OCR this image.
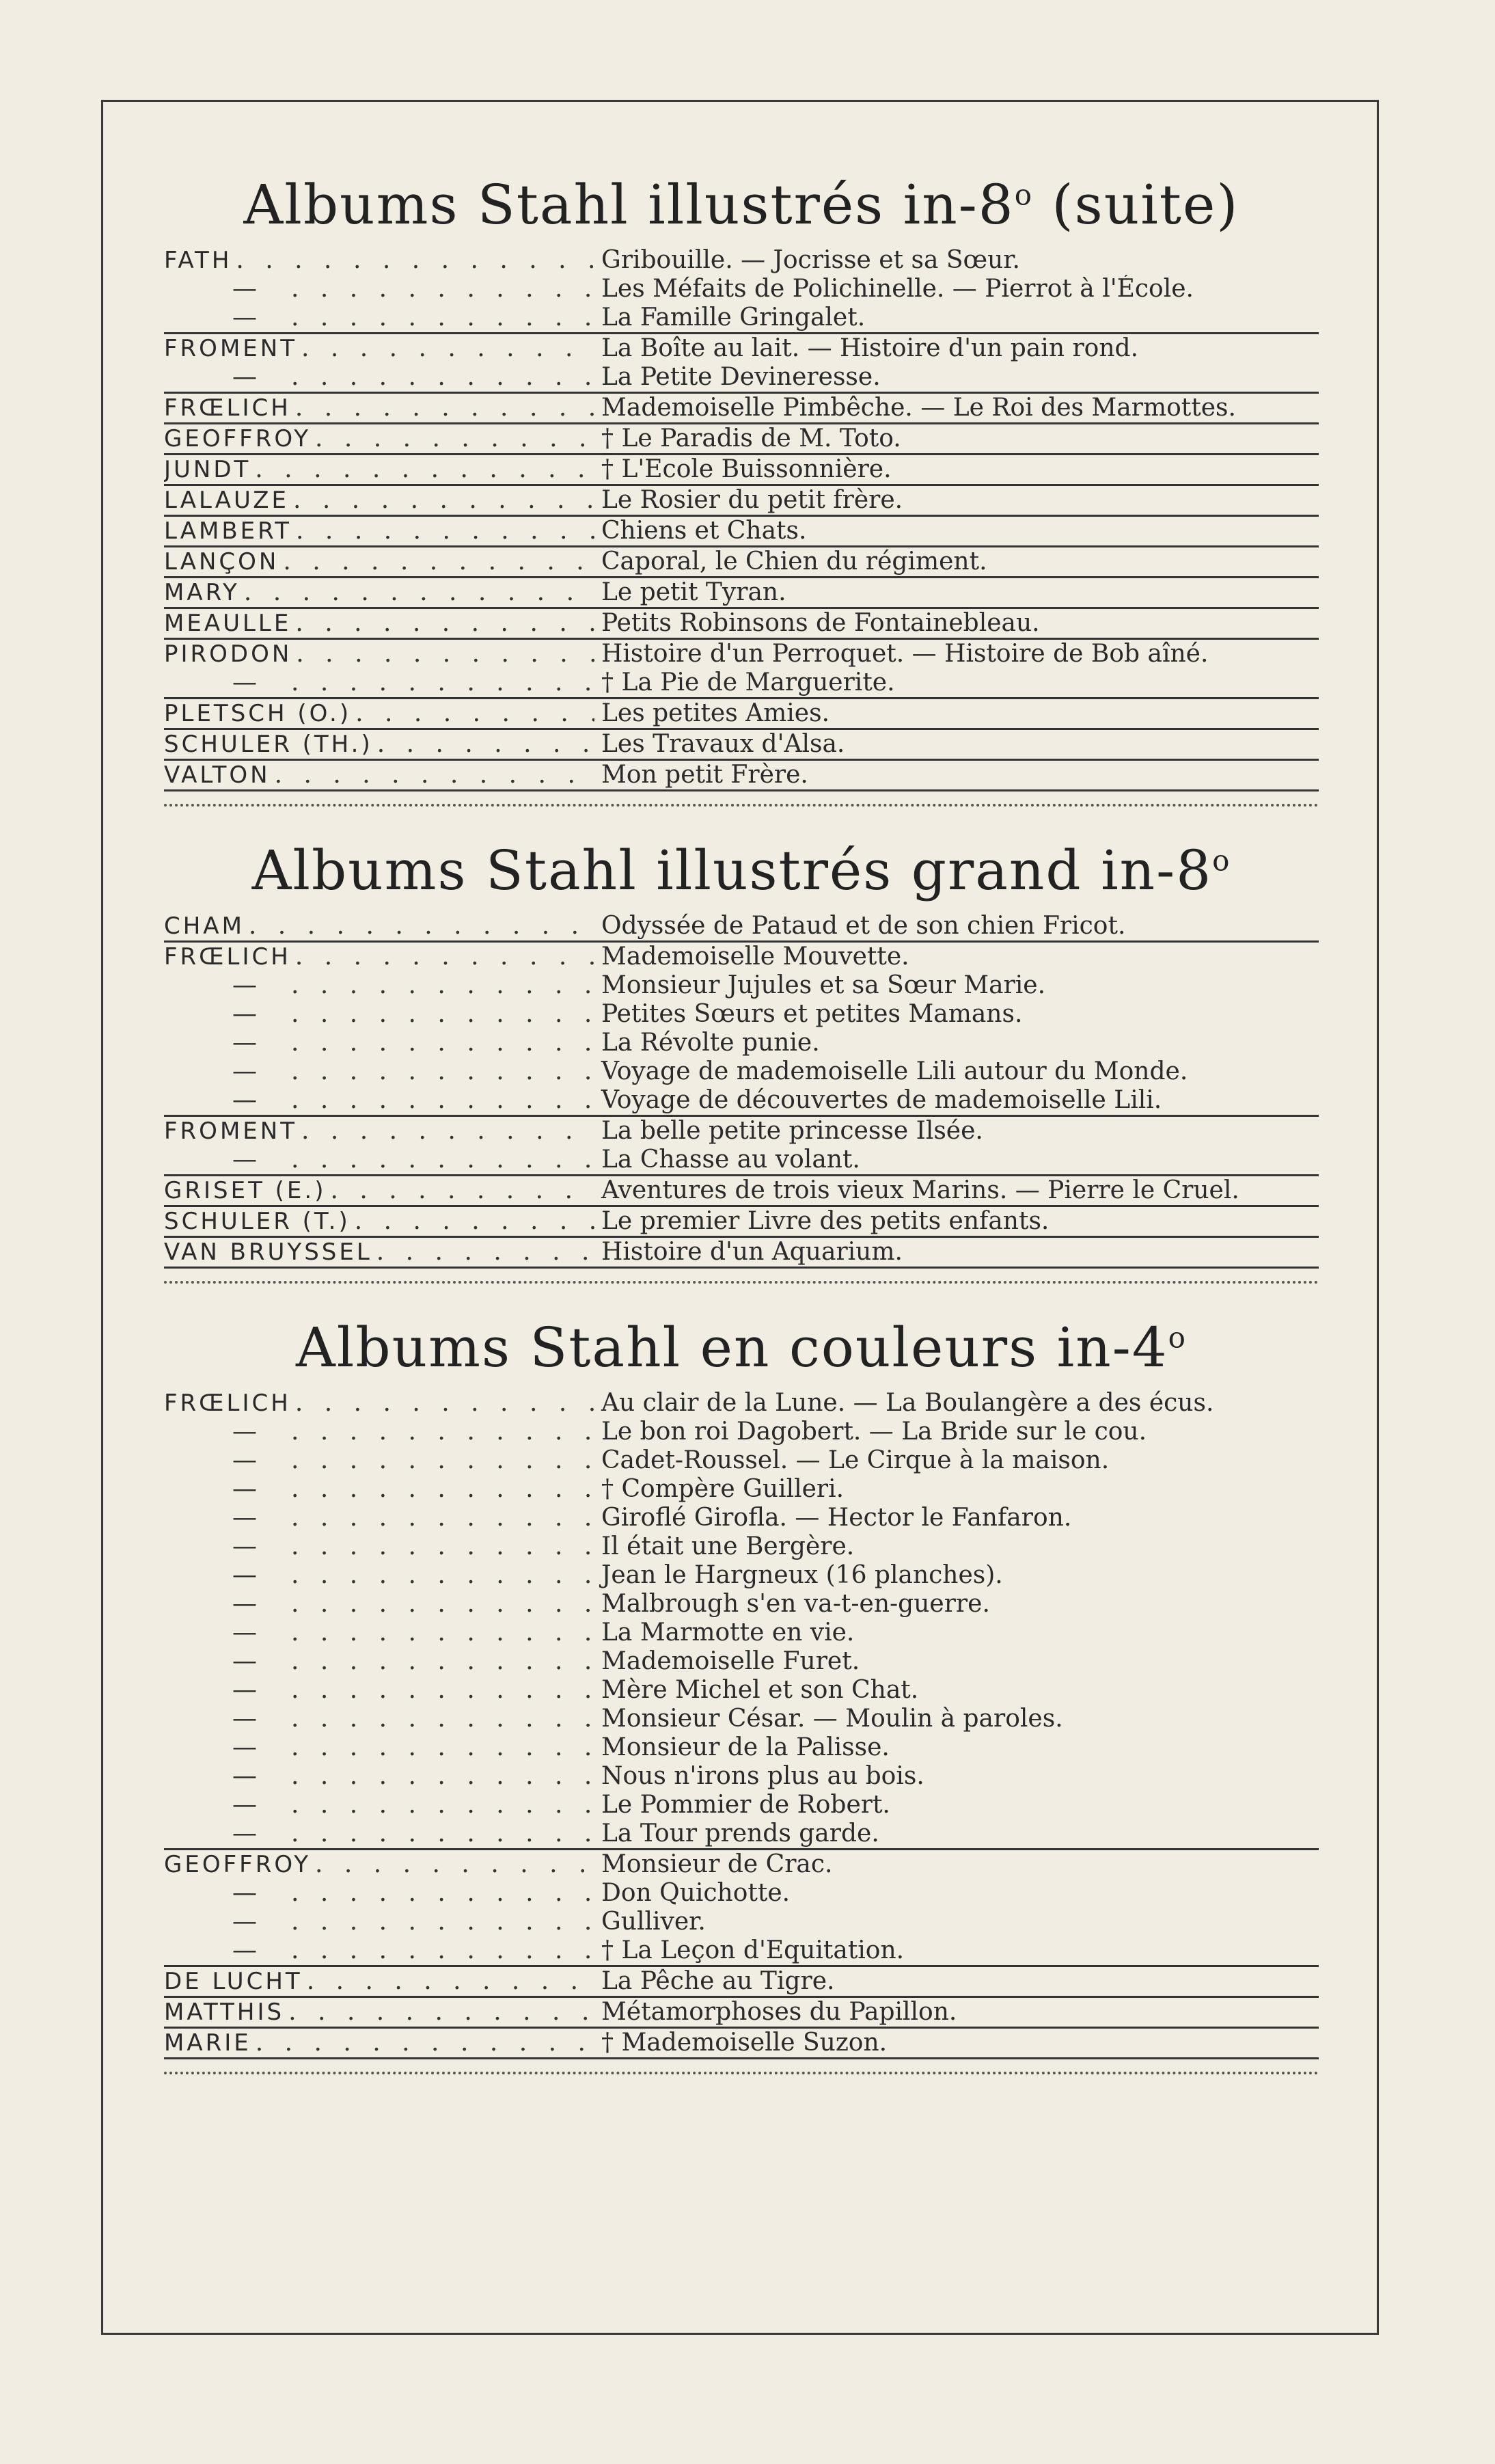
Albums Stahl illustrés in-8$^o$ (suite)
FATH . . .	Gribouille. — Jocrisse et sa Sœur.
— . . .	Les Méfaits de Polichinelle. — Pierrot à l'École.
— . . .	La Famille Gringalet.
FROMENT . . .	La Boîte au lait. — Histoire d'un pain rond.
— . . .	La Petite Devineresse.
FRŒLICH . . .	Mademoiselle Pimbêche. — Le Roi des Marmottes.
GEOFFROY . . .	† Le Paradis de M. Toto.
JUNDT . . .	† L'Ecole Buissonnière.
LALAUZE . . .	Le Rosier du petit frère.
LAMBERT . . .	Chiens et Chats.
LANÇON . . .	Caporal, le Chien du régiment.
MARY . . .	Le petit Tyran.
MEAULLE . . .	Petits Robinsons de Fontainebleau.
PIRODON . . .	Histoire d'un Perroquet. — Histoire de Bob aîné.
— . . .	† La Pie de Marguerite.
PLETSCH (O.) . . .	Les petites Amies.
SCHULER (TH.) . . .	Les Travaux d'Alsa.
VALTON . . .	Mon petit Frère.
Albums Stahl illustrés grand in-8$^o$
CHAM . . .	Odyssée de Pataud et de son chien Fricot.
FRŒLICH . . .	Mademoiselle Mouvette.
— . . .	Monsieur Jujules et sa Sœur Marie.
— . . .	Petites Sœurs et petites Mamans.
— . . .	La Révolte punie.
— . . .	Voyage de mademoiselle Lili autour du Monde.
— . . .	Voyage de découvertes de mademoiselle Lili.
FROMENT . . .	La belle petite princesse Ilsée.
— . . .	La Chasse au volant.
GRISET (E.) . . .	Aventures de trois vieux Marins. — Pierre le Cruel.
SCHULER (T.) . . .	Le premier Livre des petits enfants.
VAN BRUYSSEL . . .	Histoire d'un Aquarium.
Albums Stahl en couleurs in-4$^o$
FRŒLICH . . .	Au clair de la Lune. — La Boulangère a des écus.
— . . .	Le bon roi Dagobert. — La Bride sur le cou.
— . . .	Cadet-Roussel. — Le Cirque à la maison.
— . . .	† Compère Guilleri.
— . . .	Giroflé Girofla. — Hector le Fanfaron.
— . . .	Il était une Bergère.
— . . .	Jean le Hargneux (16 planches).
— . . .	Malbrough s'en va-t-en-guerre.
— . . .	La Marmotte en vie.
— . . .	Mademoiselle Furet.
— . . .	Mère Michel et son Chat.
— . . .	Monsieur César. — Moulin à paroles.
— . . .	Monsieur de la Palisse.
— . . .	Nous n'irons plus au bois.
— . . .	Le Pommier de Robert.
— . . .	La Tour prends garde.
GEOFFROY . . .	Monsieur de Crac.
— . . .	Don Quichotte.
— . . .	Gulliver.
— . . .	† La Leçon d'Equitation.
DE LUCHT . . .	La Pêche au Tigre.
MATTHIS . . .	Métamorphoses du Papillon.
MARIE . . .	† Mademoiselle Suzon.
